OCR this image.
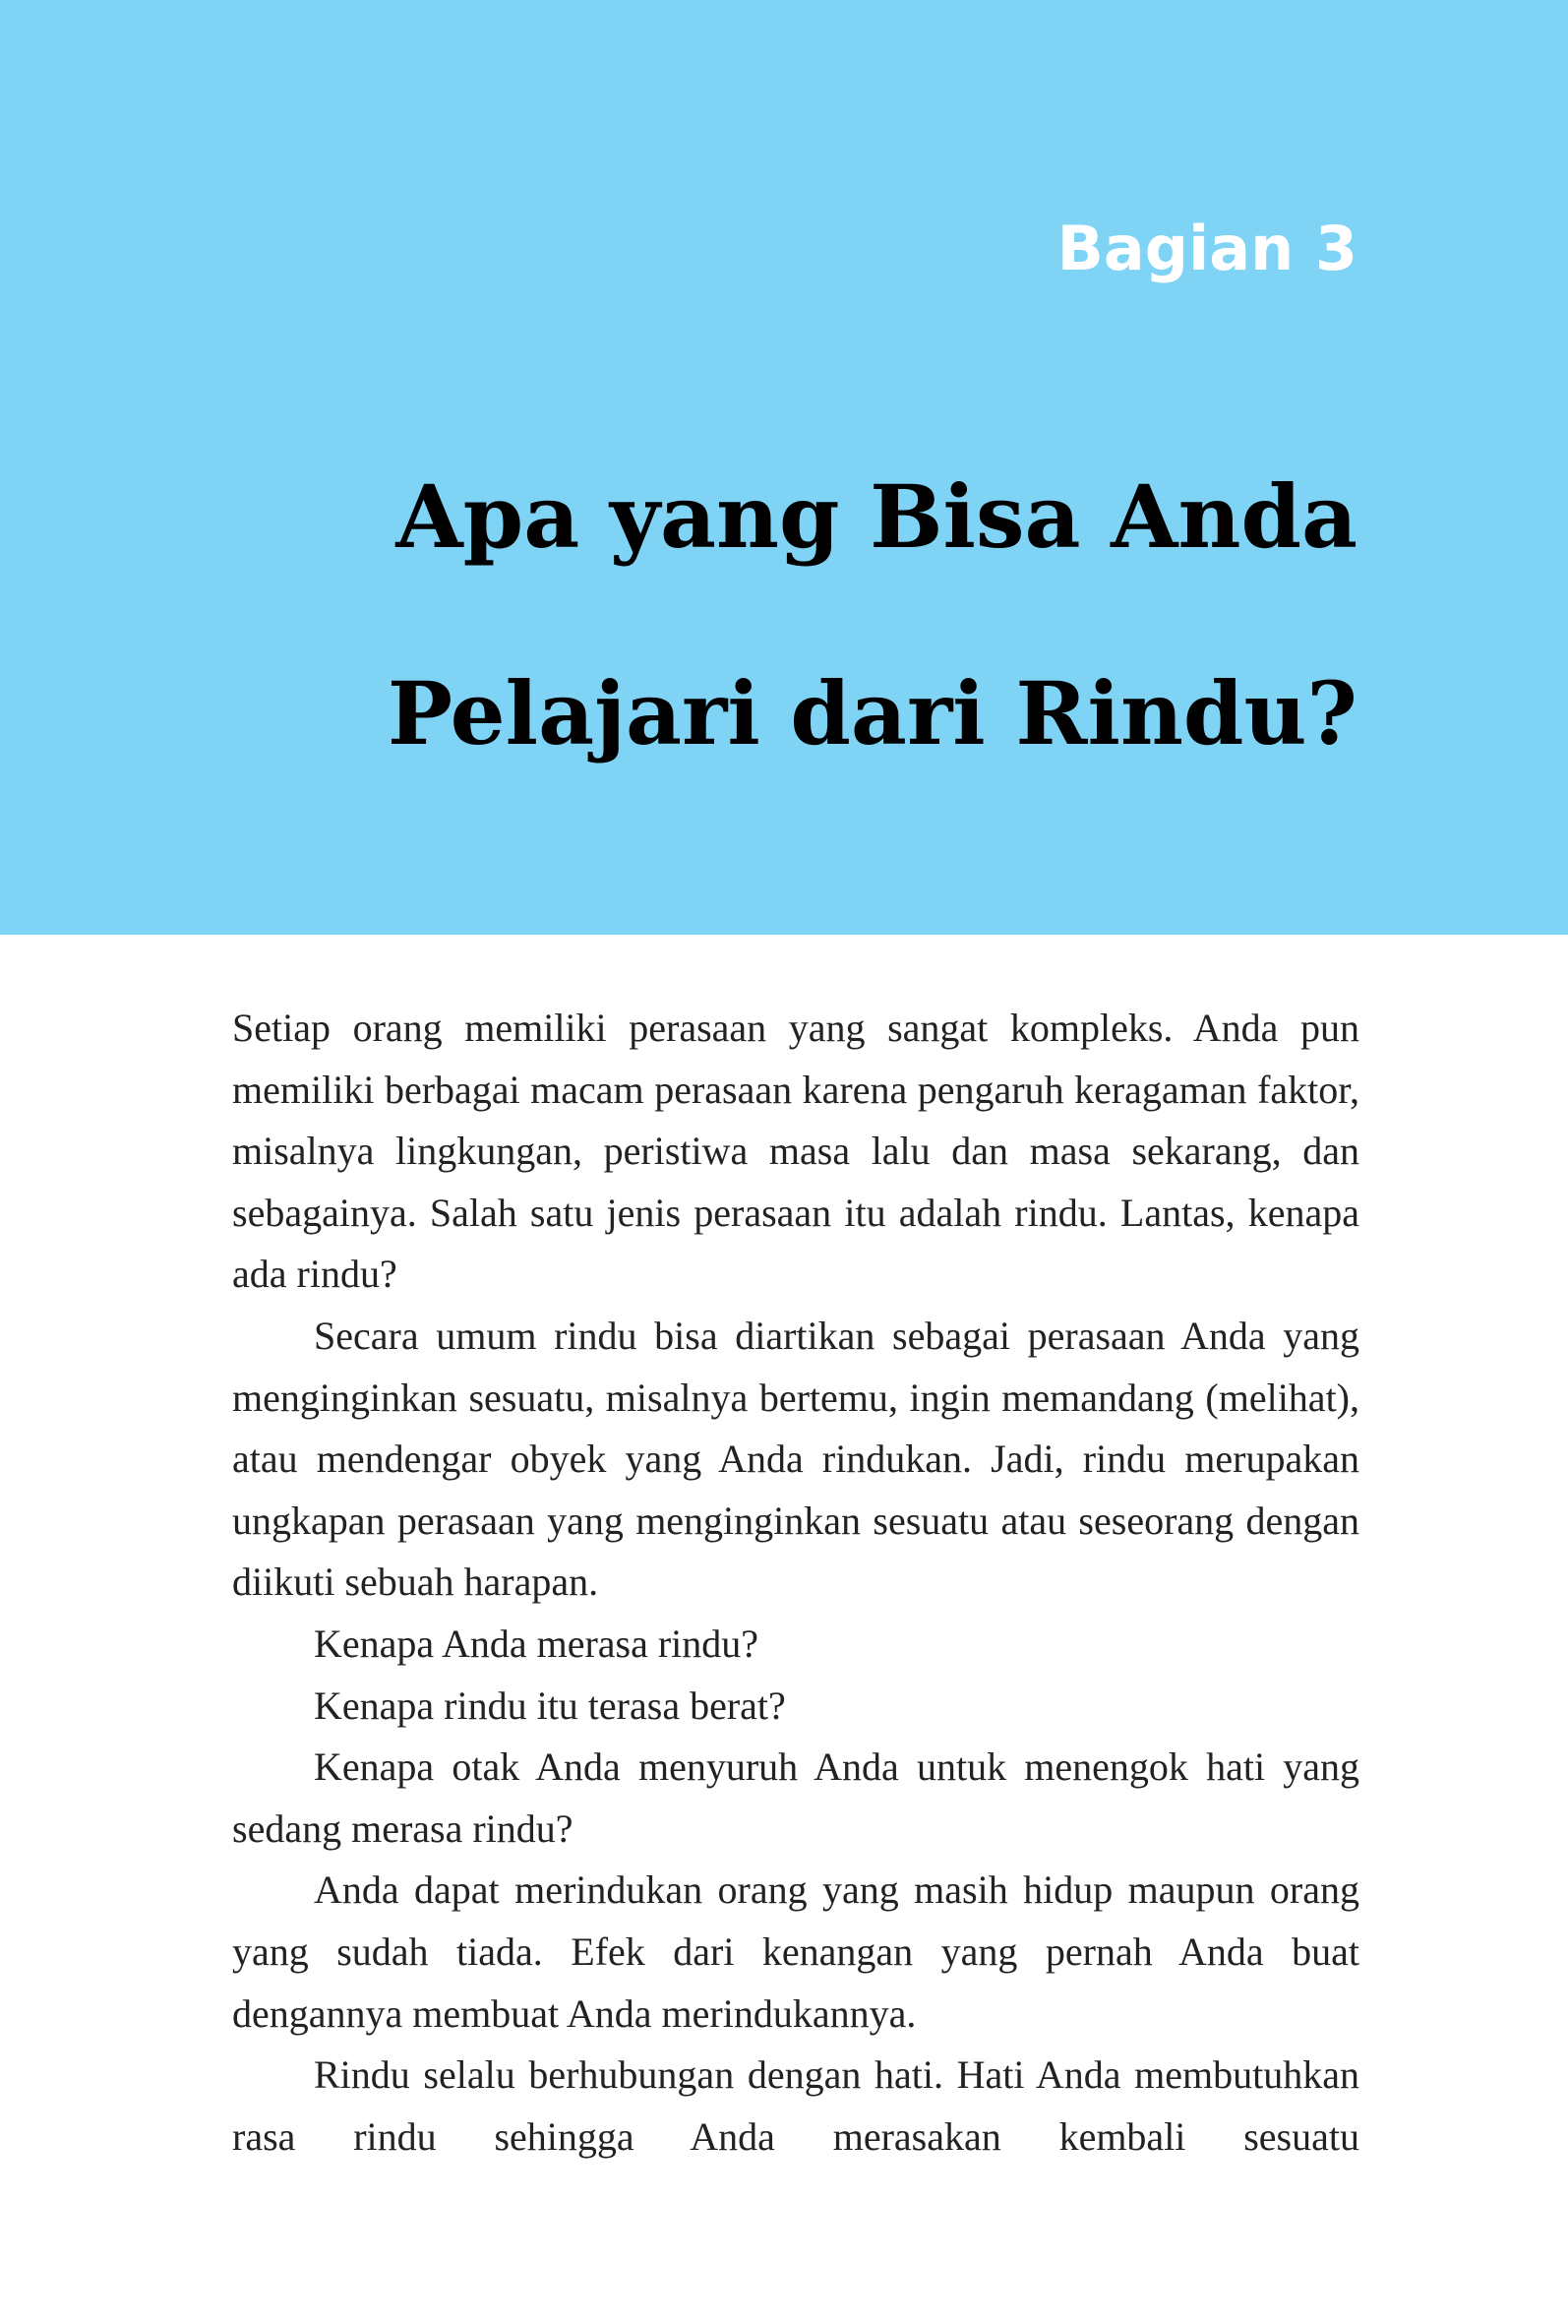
Bagian 3
Apa yang Bisa Anda
Pelajari dari Rindu?

Setiap orang memiliki perasaan yang sangat kompleks. Anda pun memiliki berbagai macam perasaan karena pengaruh keragaman faktor, misalnya lingkungan, peristiwa masa lalu dan masa sekarang, dan sebagainya. Salah satu jenis perasaan itu adalah rindu. Lantas, kenapa ada rindu?

Secara umum rindu bisa diartikan sebagai perasaan Anda yang menginginkan sesuatu, misalnya bertemu, ingin memandang (melihat), atau mendengar obyek yang Anda rindukan. Jadi, rindu merupakan ungkapan perasaan yang menginginkan sesuatu atau seseorang dengan diikuti sebuah harapan.

Kenapa Anda merasa rindu?

Kenapa rindu itu terasa berat?

Kenapa otak Anda menyuruh Anda untuk menengok hati yang sedang merasa rindu?

Anda dapat merindukan orang yang masih hidup maupun orang yang sudah tiada. Efek dari kenangan yang pernah Anda buat dengannya membuat Anda merindukannya.

Rindu selalu berhubungan dengan hati. Hati Anda membutuhkan rasa rindu sehingga Anda merasakan kembali sesuatu
